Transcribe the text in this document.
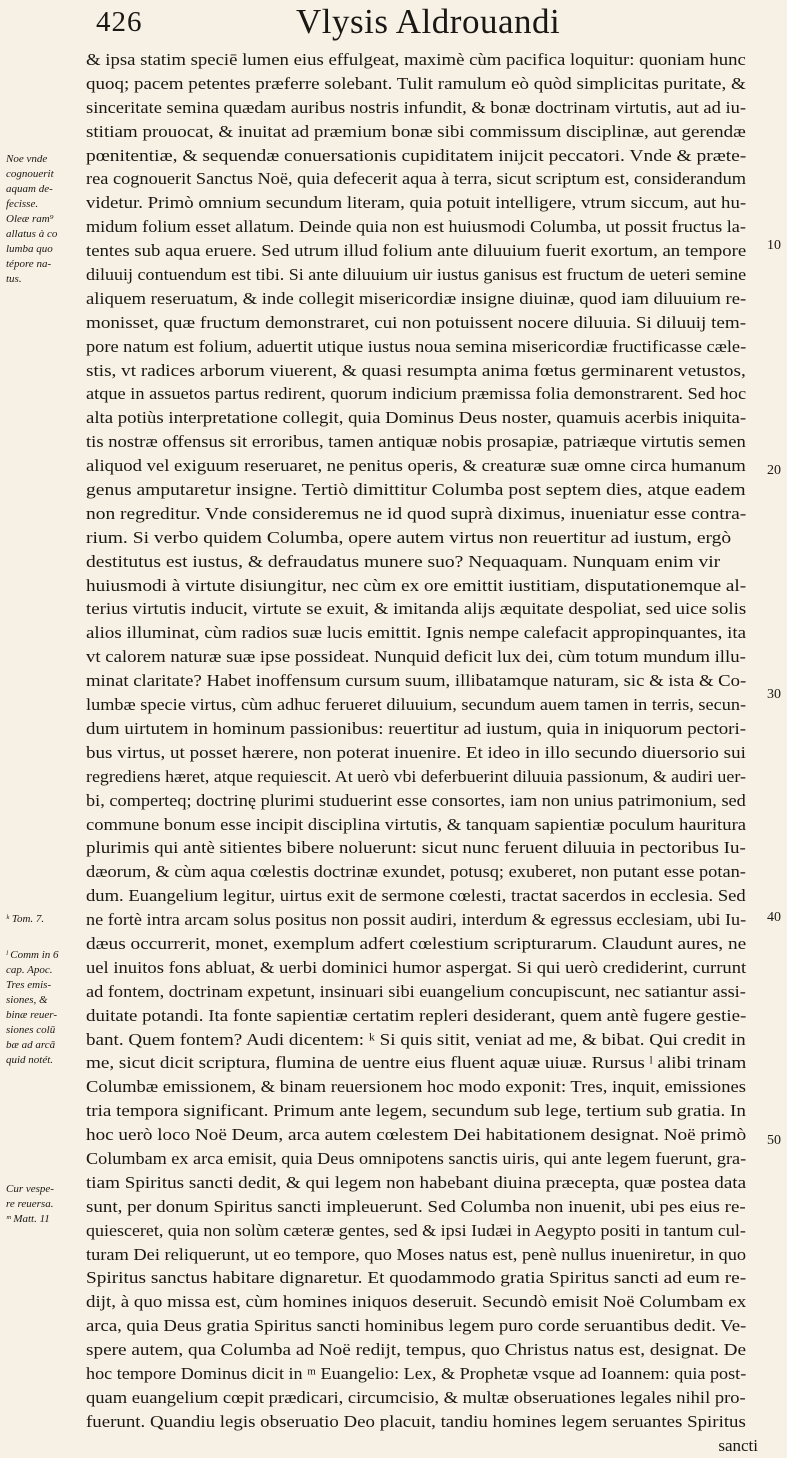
426	Vlysis Aldrouandi
Noe vnde
cognouerit
aquam de-
fecisse.
Oleæ ram⁹
allatus à co
lumba quo
tépore na-
tus.
ᵏ Tom. 7.
ˡ Comm in 6
cap. Apoc.
Tres emis-
siones, &
binæ reuer-
siones colū
bæ ad arcā
quid notét.
Cur vespe-
re reuersa.
ᵐ Matt. 11
& ipsa statim speciē lumen eius effulgeat, maximè cùm pacifica loquitur: quoniam hunc
quoq; pacem petentes præferre solebant. Tulit ramulum eò quòd simplicitas puritate, &
sinceritate semina quædam auribus nostris infundit, & bonæ doctrinam virtutis, aut ad iu-
stitiam prouocat, & inuitat ad præmium bonæ sibi commissum disciplinæ, aut gerendæ
pœnitentiæ, & sequendæ conuersationis cupiditatem inijcit peccatori. Vnde & præte-
rea cognouerit Sanctus Noë, quia defecerit aqua à terra, sicut scriptum est, considerandum
videtur. Primò omnium secundum literam, quia potuit intelligere, vtrum siccum, aut hu-
midum folium esset allatum. Deinde quia non est huiusmodi Columba, ut possit fructus la-
tentes sub aqua eruere. Sed utrum illud folium ante diluuium fuerit exortum, an tempore
diluuij contuendum est tibi. Si ante diluuium uir iustus ganisus est fructum de ueteri semine
aliquem reseruatum, & inde collegit misericordiæ insigne diuinæ, quod iam diluuium re-
monisset, quæ fructum demonstraret, cui non potuissent nocere diluuia. Si diluuij tem-
pore natum est folium, aduertit utique iustus noua semina misericordiæ fructificasse cæle-
stis, vt radices arborum viuerent, & quasi resumpta anima fœtus germinarent vetustos,
atque in assuetos partus redirent, quorum indicium præmissa folia demonstrarent. Sed hoc
alta potiùs interpretatione collegit, quia Dominus Deus noster, quamuis acerbis iniquita-
tis nostræ offensus sit erroribus, tamen antiquæ nobis prosapiæ, patriæque virtutis semen
aliquod vel exiguum reseruaret, ne penitus operis, & creaturæ suæ omne circa humanum
genus amputaretur insigne. Tertiò dimittitur Columba post septem dies, atque eadem
non regreditur. Vnde consideremus ne id quod suprà diximus, inueniatur esse contra-
rium. Si verbo quidem Columba, opere autem virtus non reuertitur ad iustum, ergò
destitutus est iustus, & defraudatus munere suo? Nequaquam. Nunquam enim vir
huiusmodi à virtute disiungitur, nec cùm ex ore emittit iustitiam, disputationemque al-
terius virtutis inducit, virtute se exuit, & imitanda alijs æquitate despoliat, sed uice solis
alios illuminat, cùm radios suæ lucis emittit. Ignis nempe calefacit appropinquantes, ita
vt calorem naturæ suæ ipse possideat. Nunquid deficit lux dei, cùm totum mundum illu-
minat claritate? Habet inoffensum cursum suum, illibatamque naturam, sic & ista & Co-
lumbæ specie virtus, cùm adhuc ferueret diluuium, secundum auem tamen in terris, secun-
dum uirtutem in hominum passionibus: reuertitur ad iustum, quia in iniquorum pectori-
bus virtus, ut posset hærere, non poterat inuenire. Et ideo in illo secundo diuersorio sui
regrediens hæret, atque requiescit. At uerò vbi deferbuerint diluuia passionum, & audiri uer-
bi, comperteq; doctrinę plurimi studuerint esse consortes, iam non unius patrimonium, sed
commune bonum esse incipit disciplina virtutis, & tanquam sapientiæ poculum hauritura
plurimis qui antè sitientes bibere noluerunt: sicut nunc feruent diluuia in pectoribus Iu-
dæorum, & cùm aqua cœlestis doctrinæ exundet, potusq; exuberet, non putant esse potan-
dum. Euangelium legitur, uirtus exit de sermone cœlesti, tractat sacerdos in ecclesia. Sed
ne fortè intra arcam solus positus non possit audiri, interdum & egressus ecclesiam, ubi Iu-
dæus occurrerit, monet, exemplum adfert cœlestium scripturarum. Claudunt aures, ne
uel inuitos fons abluat, & uerbi dominici humor aspergat. Si qui uerò crediderint, currunt
ad fontem, doctrinam expetunt, insinuari sibi euangelium concupiscunt, nec satiantur assi-
duitate potandi. Ita fonte sapientiæ certatim repleri desiderant, quem antè fugere gestie-
bant. Quem fontem? Audi dicentem: ᵏ Si quis sitit, veniat ad me, & bibat. Qui credit in
me, sicut dicit scriptura, flumina de uentre eius fluent aquæ uiuæ. Rursus ˡ alibi trinam
Columbæ emissionem, & binam reuersionem hoc modo exponit: Tres, inquit, emissiones
tria tempora significant. Primum ante legem, secundum sub lege, tertium sub gratia. In
hoc uerò loco Noë Deum, arca autem cœlestem Dei habitationem designat. Noë primò
Columbam ex arca emisit, quia Deus omnipotens sanctis uiris, qui ante legem fuerunt, gra-
tiam Spiritus sancti dedit, & qui legem non habebant diuina præcepta, quæ postea data
sunt, per donum Spiritus sancti impleuerunt. Sed Columba non inuenit, ubi pes eius re-
quiesceret, quia non solùm cæteræ gentes, sed & ipsi Iudæi in Aegypto positi in tantum cul-
turam Dei reliquerunt, ut eo tempore, quo Moses natus est, penè nullus inueniretur, in quo
Spiritus sanctus habitare dignaretur. Et quodammodo gratia Spiritus sancti ad eum re-
dijt, à quo missa est, cùm homines iniquos deseruit. Secundò emisit Noë Columbam ex
arca, quia Deus gratia Spiritus sancti hominibus legem puro corde seruantibus dedit. Ve-
spere autem, qua Columba ad Noë redijt, tempus, quo Christus natus est, designat. De
hoc tempore Dominus dicit in ᵐ Euangelio: Lex, & Prophetæ vsque ad Ioannem: quia post-
quam euangelium cœpit prædicari, circumcisio, & multæ obseruationes legales nihil pro-
fuerunt. Quandiu legis obseruatio Deo placuit, tandiu homines legem seruantes Spiritus
sancti
10
20
30
40
50
